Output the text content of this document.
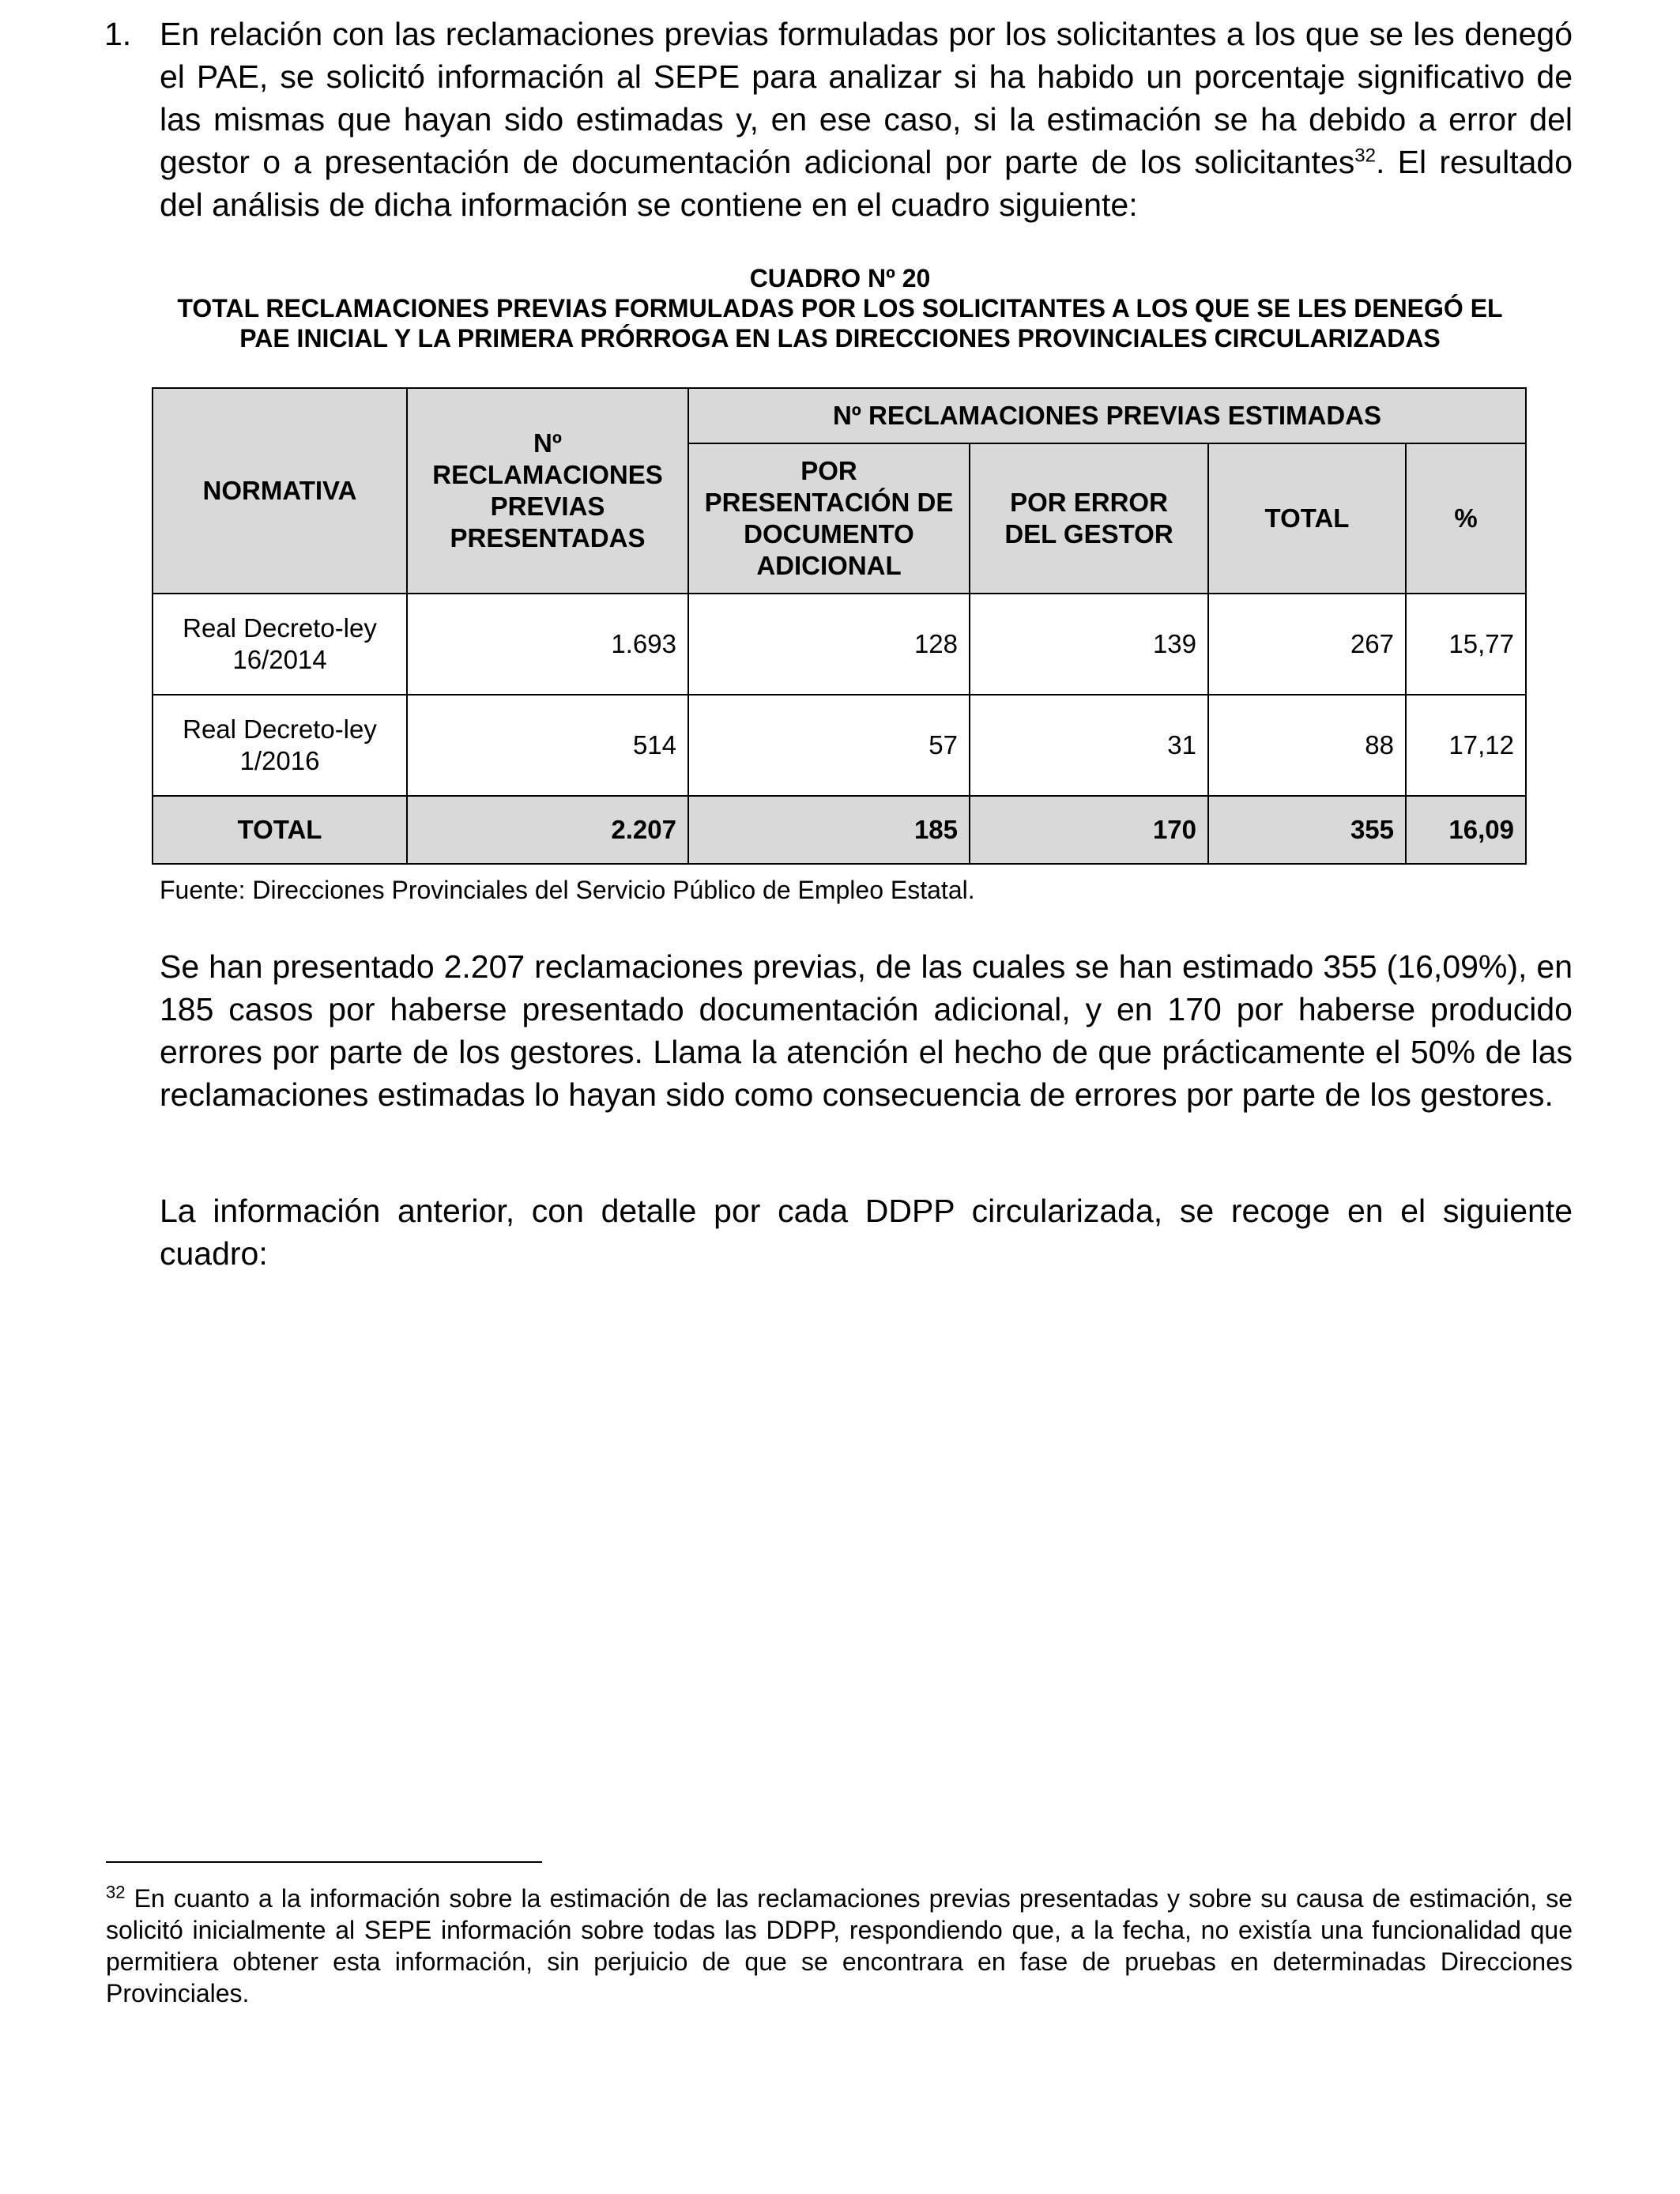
1. En relación con las reclamaciones previas formuladas por los solicitantes a los que se les denegó el PAE, se solicitó información al SEPE para analizar si ha habido un porcentaje significativo de las mismas que hayan sido estimadas y, en ese caso, si la estimación se ha debido a error del gestor o a presentación de documentación adicional por parte de los solicitantes$^{32}$. El resultado del análisis de dicha información se contiene en el cuadro siguiente:

CUADRO Nº 20
TOTAL RECLAMACIONES PREVIAS FORMULADAS POR LOS SOLICITANTES A LOS QUE SE LES DENEGÓ EL
PAE INICIAL Y LA PRIMERA PRÓRROGA EN LAS DIRECCIONES PROVINCIALES CIRCULARIZADAS

NORMATIVA	Nº RECLAMACIONES PREVIAS PRESENTADAS	Nº RECLAMACIONES PREVIAS ESTIMADAS			
		POR PRESENTACIÓN DE DOCUMENTO ADICIONAL	POR ERROR DEL GESTOR	TOTAL	%
Real Decreto-ley 16/2014	1.693	128	139	267	15,77
Real Decreto-ley 1/2016	514	57	31	88	17,12
TOTAL	2.207	185	170	355	16,09

Fuente: Direcciones Provinciales del Servicio Público de Empleo Estatal.

Se han presentado 2.207 reclamaciones previas, de las cuales se han estimado 355 (16,09%), en 185 casos por haberse presentado documentación adicional, y en 170 por haberse producido errores por parte de los gestores. Llama la atención el hecho de que prácticamente el 50% de las reclamaciones estimadas lo hayan sido como consecuencia de errores por parte de los gestores.

La información anterior, con detalle por cada DDPP circularizada, se recoge en el siguiente cuadro:

$^{32}$ En cuanto a la información sobre la estimación de las reclamaciones previas presentadas y sobre su causa de estimación, se solicitó inicialmente al SEPE información sobre todas las DDPP, respondiendo que, a la fecha, no existía una funcionalidad que permitiera obtener esta información, sin perjuicio de que se encontrara en fase de pruebas en determinadas Direcciones Provinciales.
